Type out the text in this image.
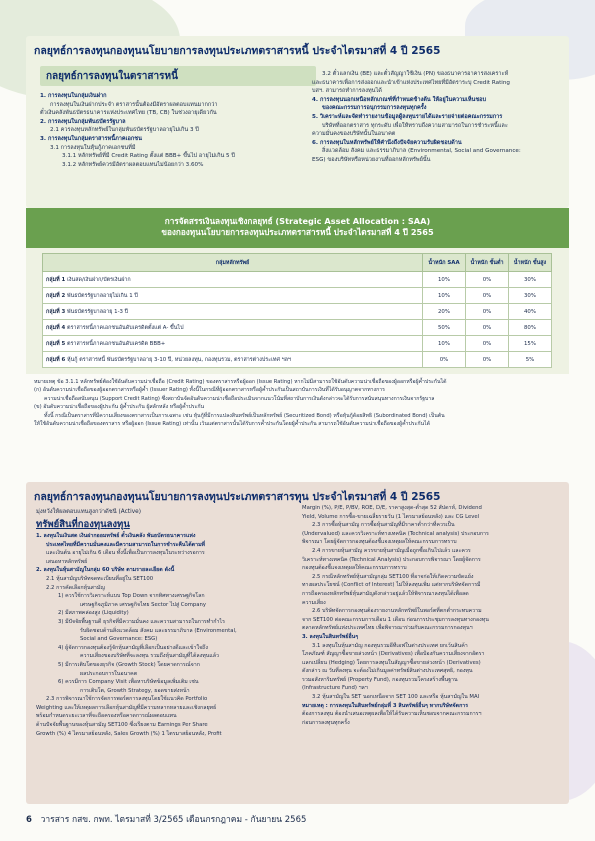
กลยุทธ์การลงทุนกองทุนนโยบายการลงทุนประเภทตราสารหนี้ ประจำไตรมาสที่ 4 ปี 2565
กลยุทธ์การลงทุนในตราสารหนี้

1. การลงทุนในกลุ่มเงินฝาก

การลงทุนในเงินฝากประจำ ตราสารนั้นต้องมีอัตราผลตอบแทนมากกว่า

ตั๋วเงินคลังพันธบัตรธนาคารแห่งประเทศไทย (TB, CB) ในช่วงอายุเดียวกัน

2. การลงทุนในกลุ่มพันธบัตรรัฐบาล

2.1 ควรลงทุนหลักทรัพย์ในกลุ่มพันธบัตรรัฐบาลอายุไม่เกิน 3 ปี

3. การลงทุนในกลุ่มตราสารหนี้ภาคเอกชน

3.1 การลงทุนในหุ้นกู้ภาคเอกชนที่มี

3.1.1 หลักทรัพย์ที่มี Credit Rating ตั้งแต่ BBB+ ขึ้นไป อายุไม่เกิน 5 ปี

3.1.2 หลักทรัพย์ควรมีอัตราผลตอบแทนไม่น้อยกว่า 3.60%

3.2 ตั๋วแลกเงิน (BE) และตั๋วสัญญาใช้เงิน (PN) ของธนาคารอาคารสงเคราะห์

และธนาคารเพื่อการส่งออกและนำเข้าแห่งประเทศไทยที่มีอัตราระบุ Credit Rating

บสฯ. สามารถทำการลงทุนได้

4. การลงทุนนอกเหนือหลักเกณฑ์ที่กำหนดข้างต้น ให้อยู่ในความเห็นชอบ

ของคณะกรรมการอนุกรรมการลงทุนทุกครั้ง

5. วิเคราะห์และจัดทำรายงานข้อมูลผู้ลงทุนรายได้และรายจ่ายต่อคณะกรรมการ

บริษัทที่ออกตราสาร ทุกระดับ เพื่อให้ทราบถึงความสามารถในการชำระหนี้และ

ความมั่นคงของบริษัทนั้นในอนาคต

6. การลงทุนในหลักทรัพย์ให้คำนึงถึงปัจจัยความรับผิดชอบด้าน

สิ่งแวดล้อม สังคม และธรรมาภิบาล (Environmental, Social and Governance:

ESG) ของบริษัทหรือหน่วยงานที่ออกหลักทรัพย์นั้น

การจัดสรรเงินลงทุนเชิงกลยุทธ์ (Strategic Asset Allocation : SAA)
ของกองทุนนโยบายการลงทุนประเภทตราสารหนี้ ประจำไตรมาสที่ 4 ปี 2565
กลุ่มหลักทรัพย์	น้ำหนัก SAA	น้ำหนัก ขั้นต่ำ	น้ำหนัก ขั้นสูง
กลุ่มที่ 1 เงินสด/เงินฝาก/บัตรเงินฝาก	10%	0%	30%
กลุ่มที่ 2 พันธบัตรรัฐบาลอายุไม่เกิน 1 ปี	10%	0%	30%
กลุ่มที่ 3 พันธบัตรรัฐบาลอายุ 1-3 ปี	20%	0%	40%
กลุ่มที่ 4 ตราสารหนี้ภาคเอกชนอันดับเครดิตตั้งแต่ A- ขึ้นไป	50%	0%	80%
กลุ่มที่ 5 ตราสารหนี้ภาคเอกชนอันดับเครดิต BBB+	10%	0%	15%
กลุ่มที่ 6 หุ้นกู้ ตราสารหนี้ พันธบัตรรัฐบาลอายุ 3-10 ปี, หน่วยลงทุน, กองทุนรวม, ตราสารต่างประเทศ ฯลฯ	0%	0%	5%

หมายเหตุ ข้อ 3.1.1 หลักทรัพย์ต้องใช้อันดับความน่าเชื่อถือ (Credit Rating) ของตราสารหรือผู้ออก (Issue Rating) หากไม่มีสามารถใช้อันดับความน่าเชื่อถือของผู้ออกหรือผู้ค้ำประกันได้

(ก) อันดับความน่าเชื่อถือของผู้ออกตราสารหรือผู้ค้ำ (Issuer Rating) ทั้งนี้ในกรณีที่ผู้ออกตราสารหรือผู้ค้ำประกันเป็นสถาบันการเงินที่ได้รับอนุญาตจากทางการ

ความน่าเชื่อถือสนับสนุน (Support Credit Rating) ซึ่งสถาบันจัดอันดับความน่าเชื่อถือประเมินจากแนวโน้มที่สถาบันการเงินดังกล่าวจะได้รับการสนับสนุนทางการเงินจากรัฐบาล

(ข) อันดับความน่าเชื่อถือของผู้ประกัน ผู้ค้ำประกัน ผู้สลักหลัง หรือผู้ค้ำประกัน

ทั้งนี้ กรณีเป็นตราสารที่มีความเสี่ยงของตราสารเป็นการเฉพาะ เช่น หุ้นกู้ที่มีการแปลงสินทรัพย์เป็นหลักทรัพย์ (Securitized Bond) หรือหุ้นกู้ด้อยสิทธิ (Subordinated Bond) เป็นต้น

ให้ใช้อันดับความน่าเชื่อถือของตราสาร หรือผู้ออก (Issue Rating) เท่านั้น เว้นแต่ตราสารนั้นได้รับการค้ำประกันโดยผู้ค้ำประกัน สามารถใช้อันดับความน่าเชื่อถือของผู้ค้ำประกันได้

กลยุทธ์การลงทุนกองทุนนโยบายการลงทุนประเภทตราสารทุน ประจำไตรมาสที่ 4 ปี 2565
มุ่งหวังให้ผลตอบแทนสูงกว่าดัชนี (Active)
ทรัพย์สินที่กองทุนลงทุน

1. ลงทุนในเงินสด เงินฝากออมทรัพย์ ตั๋วเงินคลัง พันธบัตรธนาคารแห่ง

ประเทศไทยที่มีความมั่นคงและมีความสามารถในการชำระคืนได้ตามที่

และเงินต้น อายุไม่เกิน 6 เดือน ทั้งนี้เพื่อเป็นการลงทุนในระหว่างรอการ

เสนอหาหลักทรัพย์

2. ลงทุนในหุ้นสามัญในกลุ่ม 60 บริษัท ตามรายละเอียด ดังนี้

2.1 หุ้นสามัญบริษัทจดทะเบียนที่อยู่ใน SET100

2.2 การคัดเลือกหุ้นสามัญ

1) ควรใช้การวิเคราะห์แบบ Top Down จากทิศทางเศรษฐกิจโลก

เศรษฐกิจภูมิภาค เศรษฐกิจไทย Sector ไปสู่ Company

2) มีสภาพคล่องสูง (Liquidity)

3) มีปัจจัยพื้นฐานดี ธุรกิจที่มีความมั่นคง และความสามารถในการทำกำไร

รับผิดชอบด้านสิ่งแวดล้อม สังคม และธรรมาภิบาล (Environmental,

Social and Governance: ESG)

4) ผู้จัดการกองทุนต้องรู้จักหุ้นสามัญที่เลือกเป็นอย่างดีและเข้าใจถึง

ความเสี่ยงของบริษัทที่จะลงทุน รวมถึงหุ้นสามัญที่ได้ลงทุนแล้ว

5) มีการเติบโตของธุรกิจ (Growth Stock) โดยคาดการณ์จาก

ผลประกอบการในอนาคต

6) ควรมีการ Company Visit เพื่อหาบริษัทข้อมูลเพิ่มเติม เช่น

การเติบโต, Growth Strategy, ยอดขายส่งหน้า

2.3 การพิจารณาใช้การจัดการพอร์ตการลงทุนโดยใช้แนวคิด Portfolio

Weighting และให้เหตุผลการเลือกหุ้นสามัญที่มีความหลากหลายและเชิงกลยุทธ์

พร้อมกำหนดระยะเวลาที่จะถือครองหรือคาดการณ์ผลตอบแทน

ด้านปัจจัยพื้นฐานของหุ้นสามัญ SET100 ซึ่งเรียงตาม Earnings Per Share

Growth (%) 4 ไตรมาสย้อนหลัง, Sales Growth (%) 1 ไตรมาสย้อนหลัง, Profit

Margin (%), P/E, P/BV, ROE, D/E, ราคาสูงสุด-ต่ำสุด 52 สัปดาห์, Dividend

Yield, Volume การซื้อ-ขายเฉลี่ยรายวัน (1 ไตรมาสย้อนหลัง) และ CG Level

2.3 การซื้อหุ้นสามัญ การซื้อหุ้นสามัญที่มีราคาต่ำกว่าที่ควรเป็น

(Undervalued) และควรวิเคราะห์ทางเทคนิค (Technical analysis) ประกอบการ

พิจารณา โดยผู้จัดการกองทุนต้องชี้แจงเหตุผลให้คณะกรรมการทราบ

2.4 การขายหุ้นสามัญ ควรขายหุ้นสามัญเมื่อถูกซื้อเกินไปแล้ว และควร

วิเคราะห์ทางเทคนิค (Technical Analysis) ประกอบการพิจารณา โดยผู้จัดการ

กองทุนต้องชี้แจงเหตุผลให้คณะกรรมการทราบ

2.5 กรณีหลักทรัพย์หุ้นสามัญกลุ่ม SET100 ที่อาจก่อให้เกิดความขัดแย้ง

ทางผลประโยชน์ (Conflict of Interest) ไม่ให้ลงทุนเพิ่ม แต่หากบริษัทจัดการมี

การถือครองหลักทรัพย์หุ้นสามัญดังกล่าวอยู่แล้วให้พิจารณาลงทุนได้เพื่อลด

ความเสี่ยง

2.6 บริษัทจัดการกองทุนต้องรายงานหลักทรัพย์ในพอร์ตที่ตกต่ำกระทบความ

จาก SET100 ต่อคณะกรรมการเดือน 1 เดือน ก่อนการประชุมการลงทุนทางกองทุน

ตลาดหลักทรัพย์แห่งประเทศไทย เพื่อพิจารณาร่วมกับคณะกรรมการกองทุนฯ

3. ลงทุนในสินทรัพย์อื่นๆ

3.1 ลงทุนในหุ้นสามัญ กองทุนรวมอีทีเอฟในต่างประเทศ ยกเว้นสินค้า

โภคภัณฑ์ สัญญาซื้อขายล่วงหน้า (Derivatives) เพื่อป้องกันความเสี่ยงจากอัตรา

แลกเปลี่ยน (Hedging) โดยการลงทุนในสัญญาซื้อขายล่วงหน้า (Derivatives)

ดังกล่าว ณ วันที่ลงทุน จะต้องไม่เกินมูลค่าทรัพย์สินต่างประเทศสุทธิ, กองทุน

รวมอสังหาริมทรัพย์ (Property Fund), กองทุนรวมโครงสร้างพื้นฐาน

(Infrastructure Fund) ฯลฯ

3.2 หุ้นสามัญใน SET นอกเหนือจาก SET 100 และหรือ หุ้นสามัญใน MAI

หมายเหตุ : การลงทุนในสินทรัพย์กลุ่มที่ 3 สินทรัพย์อื่นๆ หากบริษัทจัดการ

ต้องการลงทุน ต้องนำเสนอเหตุผลเพื่อให้ได้รับความเห็นชอบจากคณะกรรมการฯ

ก่อนการลงทุนทุกครั้ง

6 วารสาร กสข. กพท. ไตรมาสที่ 3/2565 เดือนกรกฎาคม - กันยายน 2565
